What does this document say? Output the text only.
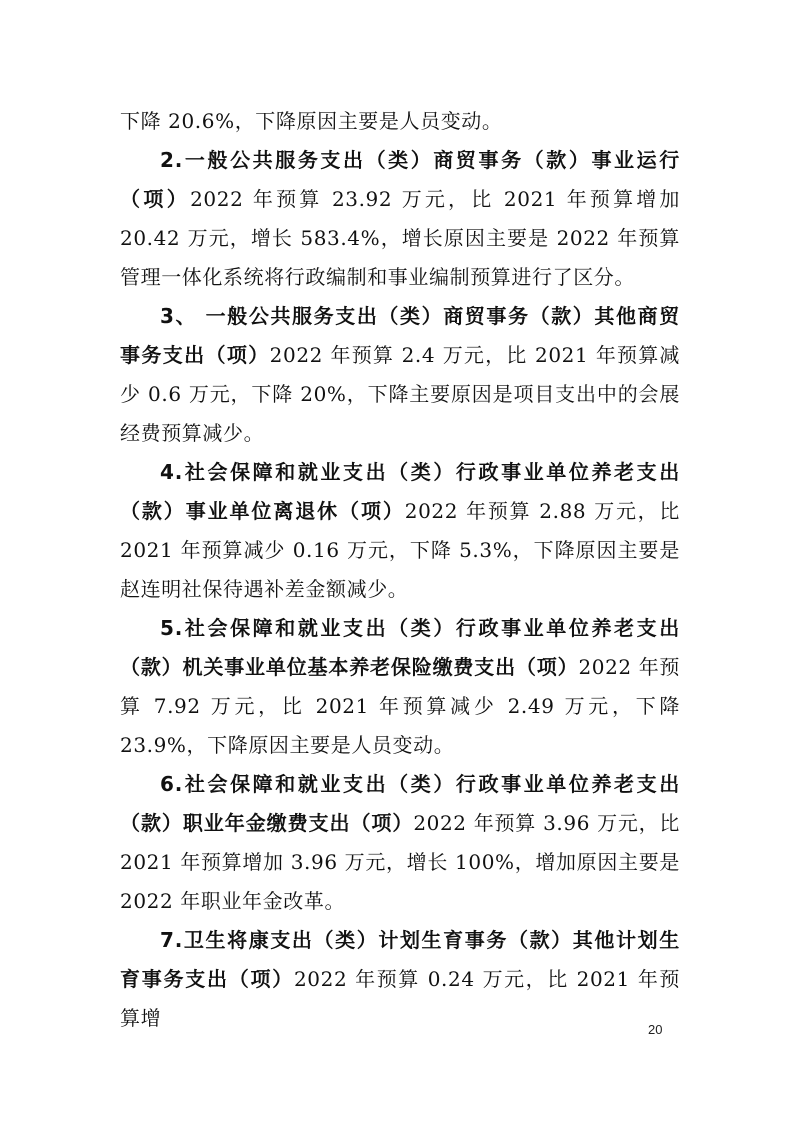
下降 20.6%，下降原因主要是人员变动。

2.一般公共服务支出（类）商贸事务（款）事业运行（项）2022 年预算 23.92 万元，比 2021 年预算增加 20.42 万元，增长 583.4%，增长原因主要是 2022 年预算管理一体化系统将行政编制和事业编制预算进行了区分。

3、 一般公共服务支出（类）商贸事务（款）其他商贸事务支出（项）2022 年预算 2.4 万元，比 2021 年预算减少 0.6 万元，下降 20%，下降主要原因是项目支出中的会展经费预算减少。

4.社会保障和就业支出（类）行政事业单位养老支出（款）事业单位离退休（项）2022 年预算 2.88 万元，比 2021 年预算减少 0.16 万元，下降 5.3%，下降原因主要是赵连明社保待遇补差金额减少。

5.社会保障和就业支出（类）行政事业单位养老支出（款）机关事业单位基本养老保险缴费支出（项）2022 年预算 7.92 万元，比 2021 年预算减少 2.49 万元，下降 23.9%，下降原因主要是人员变动。

6.社会保障和就业支出（类）行政事业单位养老支出（款）职业年金缴费支出（项）2022 年预算 3.96 万元，比 2021 年预算增加 3.96 万元，增长 100%，增加原因主要是 2022 年职业年金改革。

7.卫生将康支出（类）计划生育事务（款）其他计划生育事务支出（项）2022 年预算 0.24 万元，比 2021 年预算增	20
